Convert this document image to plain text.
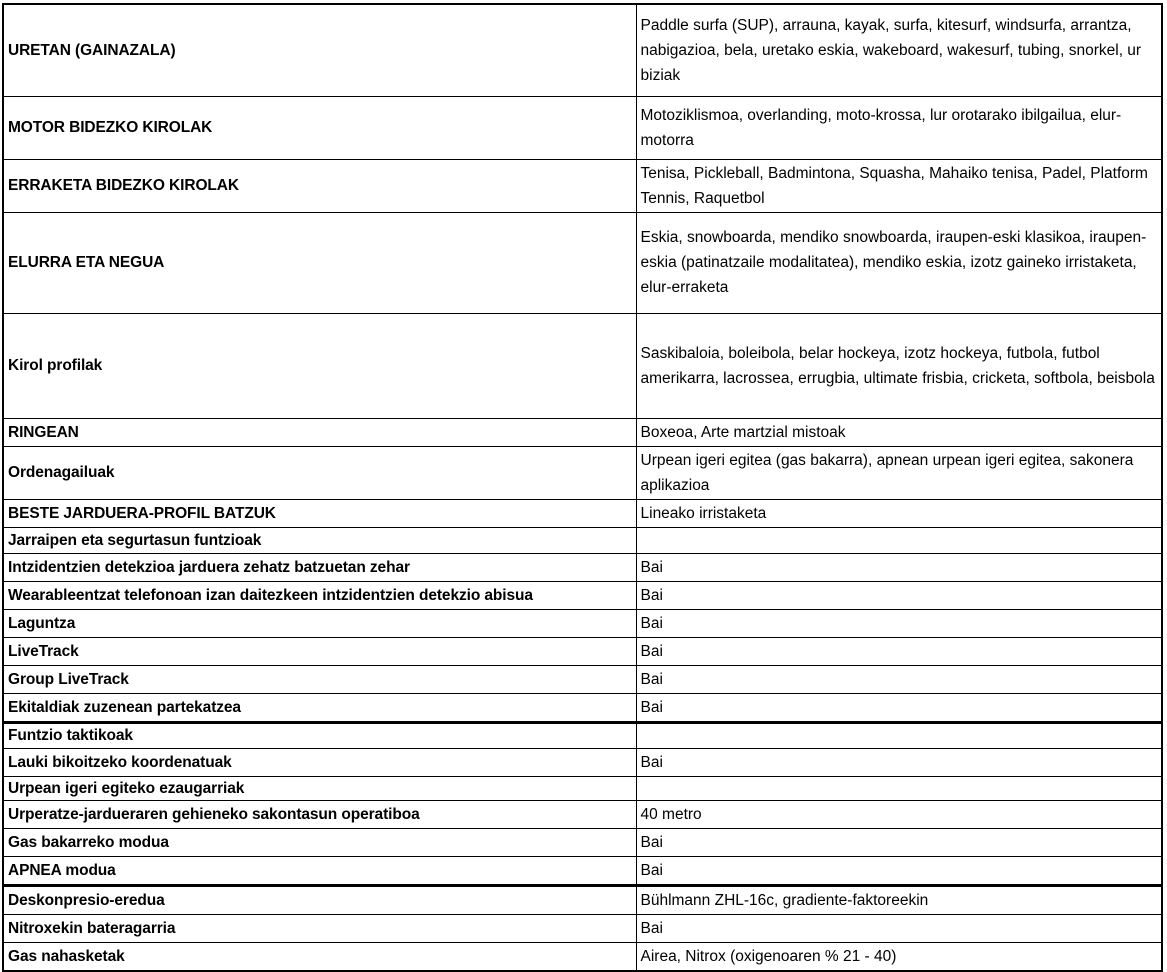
URETAN (GAINAZALA)	Paddle surfa (SUP), arrauna, kayak, surfa, kitesurf, windsurfa, arrantza, nabigazioa, bela, uretako eskia, wakeboard, wakesurf, tubing, snorkel, ur biziak
MOTOR BIDEZKO KIROLAK	Motoziklismoa, overlanding, moto-krossa, lur orotarako ibilgailua, elur-motorra
ERRAKETA BIDEZKO KIROLAK	Tenisa, Pickleball, Badmintona, Squasha, Mahaiko tenisa, Padel, Platform Tennis, Raquetbol
ELURRA ETA NEGUA	Eskia, snowboarda, mendiko snowboarda, iraupen-eski klasikoa, iraupen-eskia (patinatzaile modalitatea), mendiko eskia, izotz gaineko irristaketa, elur-erraketa
Kirol profilak	Saskibaloia, boleibola, belar hockeya, izotz hockeya, futbola, futbol amerikarra, lacrossea, errugbia, ultimate frisbia, cricketa, softbola, beisbola
RINGEAN	Boxeoa, Arte martzial mistoak
Ordenagailuak	Urpean igeri egitea (gas bakarra), apnean urpean igeri egitea, sakonera aplikazioa
BESTE JARDUERA-PROFIL BATZUK	Lineako irristaketa
Jarraipen eta segurtasun funtzioak	
Intzidentzien detekzioa jarduera zehatz batzuetan zehar	Bai
Wearableentzat telefonoan izan daitezkeen intzidentzien detekzio abisua	Bai
Laguntza	Bai
LiveTrack	Bai
Group LiveTrack	Bai
Ekitaldiak zuzenean partekatzea	Bai
Funtzio taktikoak	
Lauki bikoitzeko koordenatuak	Bai
Urpean igeri egiteko ezaugarriak	
Urperatze-jardueraren gehieneko sakontasun operatiboa	40 metro
Gas bakarreko modua	Bai
APNEA modua	Bai
Deskonpresio-eredua	Bühlmann ZHL-16c, gradiente-faktoreekin
Nitroxekin bateragarria	Bai
Gas nahasketak	Airea, Nitrox (oxigenoaren % 21 - 40)
